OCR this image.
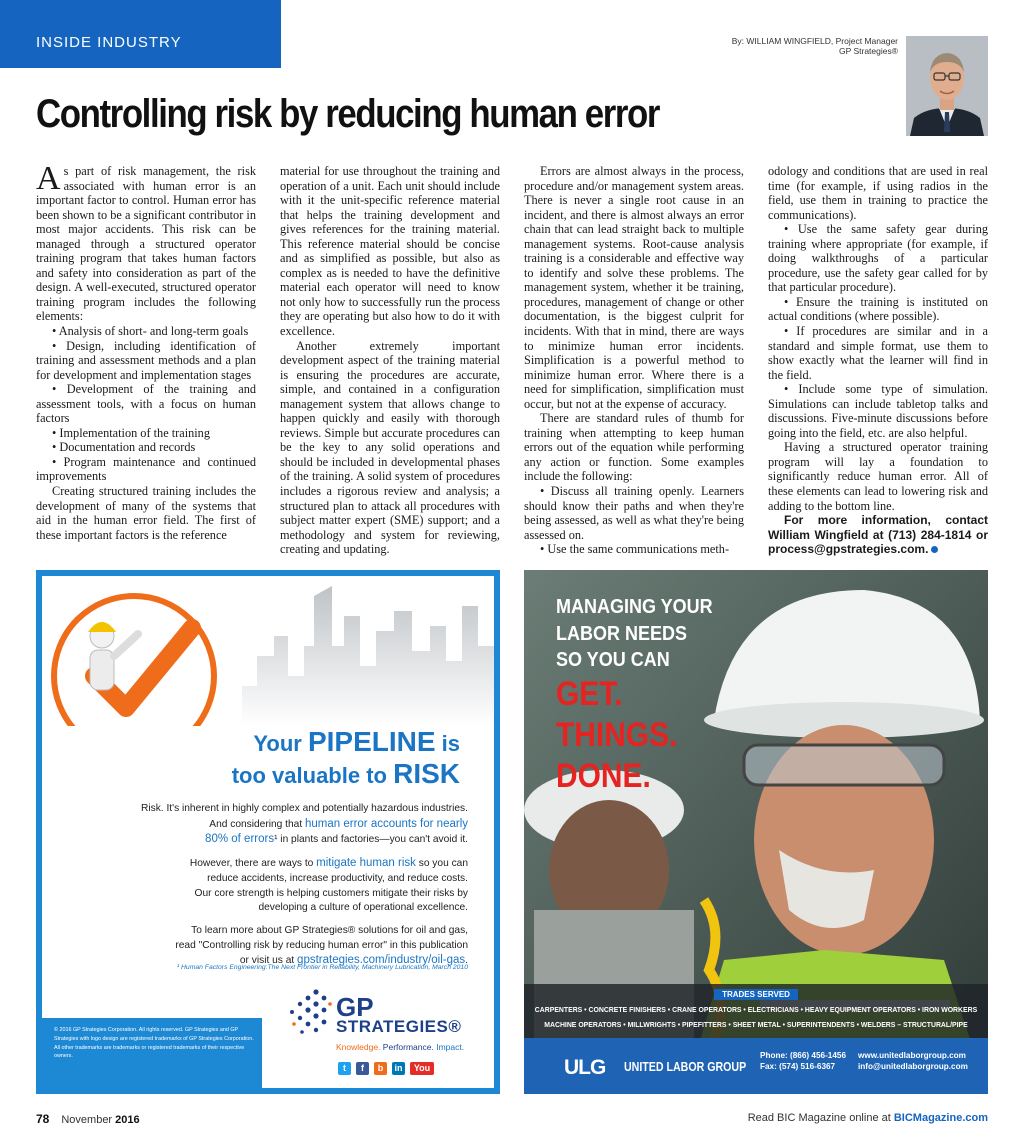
INSIDE INDUSTRY	By: WILLIAM WINGFIELD, Project Manager
GP Strategies®
Controlling risk by reducing human error

As part of risk management, the risk associated with human error is an important factor to control. Human error has been shown to be a significant contributor in most major accidents. This risk can be managed through a structured operator training program that takes human factors and safety into consideration as part of the design. A well-executed, structured operator training program includes the following elements:

• Analysis of short- and long-term goals
• Design, including identification of training and assessment methods and a plan for development and implementation stages
• Development of the training and assessment tools, with a focus on human factors
• Implementation of the training
• Documentation and records
• Program maintenance and continued improvements

Creating structured training includes the development of many of the systems that aid in the human error field. The first of these important factors is the reference

material for use throughout the training and operation of a unit. Each unit should include with it the unit-specific reference material that helps the training development and gives references for the training material. This reference material should be concise and as simplified as possible, but also as complex as is needed to have the definitive material each operator will need to know not only how to successfully run the process they are operating but also how to do it with excellence.

Another extremely important development aspect of the training material is ensuring the procedures are accurate, simple, and contained in a configuration management system that allows change to happen quickly and easily with thorough reviews. Simple but accurate procedures can be the key to any solid operations and should be included in developmental phases of the training. A solid system of procedures includes a rigorous review and analysis; a structured plan to attack all procedures with subject matter expert (SME) support; and a methodology and system for reviewing, creating and updating.

Errors are almost always in the process, procedure and/or management system areas. There is never a single root cause in an incident, and there is almost always an error chain that can lead straight back to multiple management systems. Root-cause analysis training is a considerable and effective way to identify and solve these problems. The management system, whether it be training, procedures, management of change or other documentation, is the biggest culprit for incidents. With that in mind, there are ways to minimize human error incidents. Simplification is a powerful method to minimize human error. Where there is a need for simplification, simplification must occur, but not at the expense of accuracy.

There are standard rules of thumb for training when attempting to keep human errors out of the equation while performing any action or function. Some examples include the following:

• Discuss all training openly. Learners should know their paths and when they're being assessed, as well as what they're being assessed on.
• Use the same communications meth-

odology and conditions that are used in real time (for example, if using radios in the field, use them in training to practice the communications).

• Use the same safety gear during training where appropriate (for example, if doing walkthroughs of a particular procedure, use the safety gear called for by that particular procedure).
• Ensure the training is instituted on actual conditions (where possible).
• If procedures are similar and in a standard and simple format, use them to show exactly what the learner will find in the field.
• Include some type of simulation. Simulations can include tabletop talks and discussions. Five-minute discussions before going into the field, etc. are also helpful.

Having a structured operator training program will lay a foundation to significantly reduce human error. All of these elements can lead to lowering risk and adding to the bottom line.

For more information, contact William Wingfield at (713) 284-1814 or process@gpstrategies.com.

Your PIPELINE is
too valuable to RISK
Risk. It's inherent in highly complex and potentially hazardous industries.
And considering that human error accounts for nearly
80% of errors¹ in plants and factories—you can't avoid it.
However, there are ways to mitigate human risk so you can
reduce accidents, increase productivity, and reduce costs.
Our core strength is helping customers mitigate their risks by
developing a culture of operational excellence.
To learn more about GP Strategies® solutions for oil and gas,
read "Controlling risk by reducing human error" in this publication
or visit us at gpstrategies.com/industry/oil-gas.
¹ Human Factors Engineering:The Next Frontier in Reliability, Machinery Lubrication, March 2010
GP
STRATEGIES®
Knowledge. Performance. Impact.
t	f	b	in	You
© 2016 GP Strategies Corporation. All rights reserved. GP Strategies and GP Strategies with logo design are registered trademarks of GP Strategies Corporation. All other trademarks are trademarks or registered trademarks of their respective owners.
MANAGING YOUR
LABOR NEEDS
SO YOU CAN
GET.
THINGS.
DONE.
TRADES SERVED
CARPENTERS • CONCRETE FINISHERS • CRANE OPERATORS • ELECTRICIANS • HEAVY EQUIPMENT OPERATORS • IRON WORKERS
MACHINE OPERATORS • MILLWRIGHTS • PIPEFITTERS • SHEET METAL • SUPERINTENDENTS • WELDERS – STRUCTURAL/PIPE
ULG UNITED LABOR GROUP
Phone: (866) 456-1456
Fax: (574) 516-6367
www.unitedlaborgroup.com
info@unitedlaborgroup.com
78 November 2016	Read BIC Magazine online at BICMagazine.com
